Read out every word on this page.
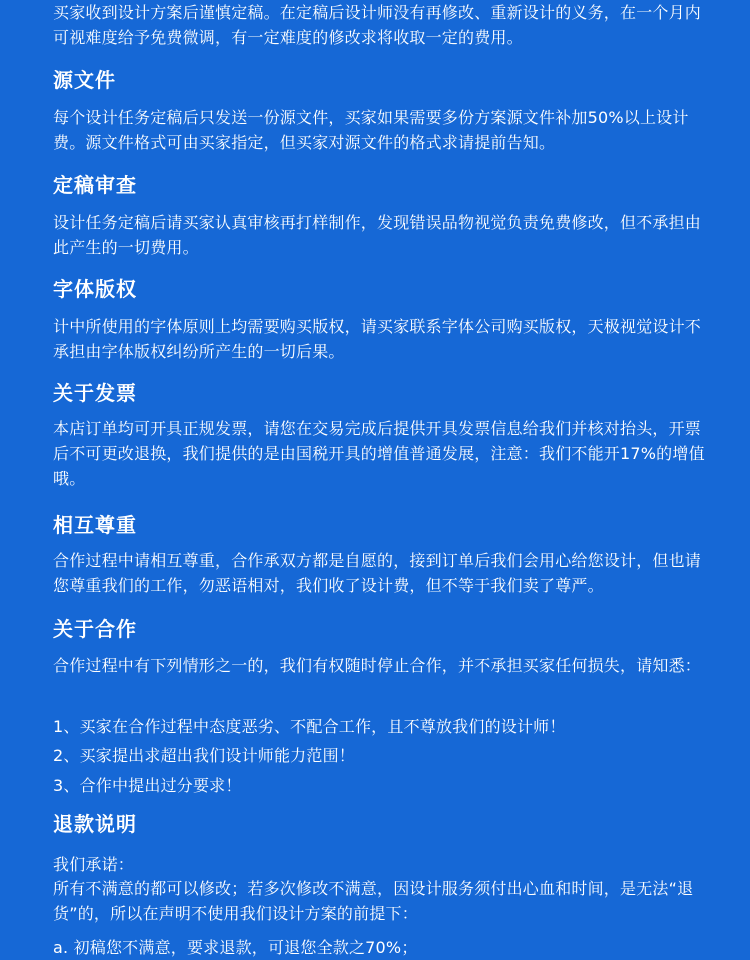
买家收到设计方案后谨慎定稿。在定稿后设计师没有再修改、重新设计的义务，在一个月内可视难度给予免费微调，有一定难度的修改求将收取一定的费用。

源文件

每个设计任务定稿后只发送一份源文件，买家如果需要多份方案源文件补加50%以上设计费。源文件格式可由买家指定，但买家对源文件的格式求请提前告知。

定稿审查

设计任务定稿后请买家认真审核再打样制作，发现错误品物视觉负责免费修改，但不承担由此产生的一切费用。

字体版权

计中所使用的字体原则上均需要购买版权，请买家联系字体公司购买版权，天极视觉设计不承担由字体版权纠纷所产生的一切后果。

关于发票

本店订单均可开具正规发票，请您在交易完成后提供开具发票信息给我们并核对抬头，开票后不可更改退换，我们提供的是由国税开具的增值普通发展，注意：我们不能开17%的增值哦。

相互尊重

合作过程中请相互尊重，合作承双方都是自愿的，接到订单后我们会用心给您设计，但也请您尊重我们的工作，勿恶语相对，我们收了设计费，但不等于我们卖了尊严。

关于合作

合作过程中有下列情形之一的，我们有权随时停止合作，并不承担买家任何损失，请知悉：

1、买家在合作过程中态度恶劣、不配合工作，且不尊放我们的设计师！

2、买家提出求超出我们设计师能力范围！

3、合作中提出过分要求！

退款说明

我们承诺：

所有不满意的都可以修改；若多次修改不满意，因设计服务须付出心血和时间，是无法“退货”的，所以在声明不使用我们设计方案的前提下：

a. 初稿您不满意，要求退款，可退您全款之70%；
